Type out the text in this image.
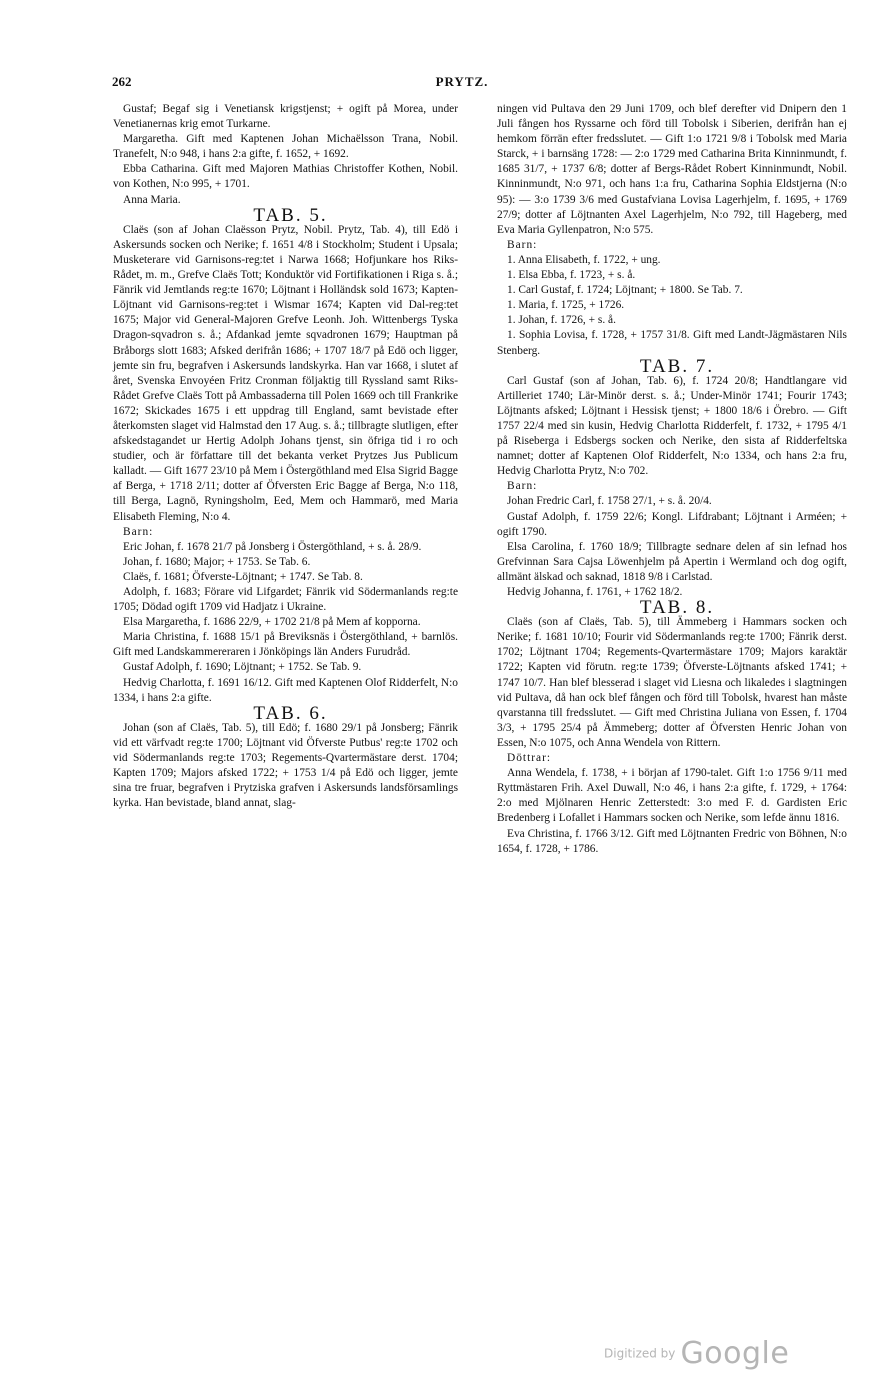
262	PRYTZ.

Gustaf; Begaf sig i Venetiansk krigstjenst; + ogift på Morea, under Venetianernas krig emot Turkarne.

Margaretha. Gift med Kaptenen Johan Michaëlsson Trana, Nobil. Tranefelt, N:o 948, i hans 2:a gifte, f. 1652, + 1692.

Ebba Catharina. Gift med Majoren Mathias Christoffer Kothen, Nobil. von Kothen, N:o 995, + 1701.

Anna Maria.

TAB. 5.

Claës (son af Johan Claësson Prytz, Nobil. Prytz, Tab. 4), till Edö i Askersunds socken och Nerike; f. 1651 4/8 i Stockholm; Student i Upsala; Musketerare vid Garnisons-reg:tet i Narwa 1668; Hofjunkare hos Riks-Rådet, m. m., Grefve Claës Tott; Konduktör vid Fortifikationen i Riga s. å.; Fänrik vid Jemtlands reg:te 1670; Löjtnant i Holländsk sold 1673; Kapten-Löjtnant vid Garnisons-reg:tet i Wismar 1674; Kapten vid Dal-reg:tet 1675; Major vid General-Majoren Grefve Leonh. Joh. Wittenbergs Tyska Dragon-sqvadron s. å.; Afdankad jemte sqvadronen 1679; Hauptman på Bråborgs slott 1683; Afsked derifrån 1686; + 1707 18/7 på Edö och ligger, jemte sin fru, begrafven i Askersunds landskyrka. Han var 1668, i slutet af året, Svenska Envoyéen Fritz Cronman följaktig till Ryssland samt Riks-Rådet Grefve Claës Tott på Ambassaderna till Polen 1669 och till Frankrike 1672; Skickades 1675 i ett uppdrag till England, samt bevistade efter återkomsten slaget vid Halmstad den 17 Aug. s. å.; tillbragte slutligen, efter afskedstagandet ur Hertig Adolph Johans tjenst, sin öfriga tid i ro och studier, och är författare till det bekanta verket Prytzes Jus Publicum kalladt. — Gift 1677 23/10 på Mem i Östergöthland med Elsa Sigrid Bagge af Berga, + 1718 2/11; dotter af Öfversten Eric Bagge af Berga, N:o 118, till Berga, Lagnö, Ryningsholm, Eed, Mem och Hammarö, med Maria Elisabeth Fleming, N:o 4.

Barn:

Eric Johan, f. 1678 21/7 på Jonsberg i Östergöthland, + s. å. 28/9.
Johan, f. 1680; Major; + 1753. Se Tab. 6.
Claës, f. 1681; Öfverste-Löjtnant; + 1747. Se Tab. 8.
Adolph, f. 1683; Förare vid Lifgardet; Fänrik vid Södermanlands reg:te 1705; Dödad ogift 1709 vid Hadjatz i Ukraine.
Elsa Margaretha, f. 1686 22/9, + 1702 21/8 på Mem af kopporna.
Maria Christina, f. 1688 15/1 på Breviksnäs i Östergöthland, + barnlös. Gift med Landskammereraren i Jönköpings län Anders Furudråd.
Gustaf Adolph, f. 1690; Löjtnant; + 1752. Se Tab. 9.
Hedvig Charlotta, f. 1691 16/12. Gift med Kaptenen Olof Ridderfelt, N:o 1334, i hans 2:a gifte.

TAB. 6.

Johan (son af Claës, Tab. 5), till Edö; f. 1680 29/1 på Jonsberg; Fänrik vid ett värfvadt reg:te 1700; Löjtnant vid Öfverste Putbus' reg:te 1702 och vid Södermanlands reg:te 1703; Regements-Qvartermästare derst. 1704; Kapten 1709; Majors afsked 1722; + 1753 1/4 på Edö och ligger, jemte sina tre fruar, begrafven i Prytziska grafven i Askersunds landsförsamlings kyrka. Han bevistade, bland annat, slag-

ningen vid Pultava den 29 Juni 1709, och blef derefter vid Dnipern den 1 Juli fången hos Ryssarne och förd till Tobolsk i Siberien, derifrån han ej hemkom förrän efter fredsslutet. — Gift 1:o 1721 9/8 i Tobolsk med Maria Starck, + i barnsäng 1728: — 2:o 1729 med Catharina Brita Kinninmundt, f. 1685 31/7, + 1737 6/8; dotter af Bergs-Rådet Robert Kinninmundt, Nobil. Kinninmundt, N:o 971, och hans 1:a fru, Catharina Sophia Eldstjerna (N:o 95): — 3:o 1739 3/6 med Gustafviana Lovisa Lagerhjelm, f. 1695, + 1769 27/9; dotter af Löjtnanten Axel Lagerhjelm, N:o 792, till Hageberg, med Eva Maria Gyllenpatron, N:o 575.

Barn:

1. Anna Elisabeth, f. 1722, + ung.
1. Elsa Ebba, f. 1723, + s. å.
1. Carl Gustaf, f. 1724; Löjtnant; + 1800. Se Tab. 7.
1. Maria, f. 1725, + 1726.
1. Johan, f. 1726, + s. å.
1. Sophia Lovisa, f. 1728, + 1757 31/8. Gift med Landt-Jägmästaren Nils Stenberg.

TAB. 7.

Carl Gustaf (son af Johan, Tab. 6), f. 1724 20/8; Handtlangare vid Artilleriet 1740; Lär-Minör derst. s. å.; Under-Minör 1741; Fourir 1743; Löjtnants afsked; Löjtnant i Hessisk tjenst; + 1800 18/6 i Örebro. — Gift 1757 22/4 med sin kusin, Hedvig Charlotta Ridderfelt, f. 1732, + 1795 4/1 på Riseberga i Edsbergs socken och Nerike, den sista af Ridderfeltska namnet; dotter af Kaptenen Olof Ridderfelt, N:o 1334, och hans 2:a fru, Hedvig Charlotta Prytz, N:o 702.

Barn:

Johan Fredric Carl, f. 1758 27/1, + s. å. 20/4.
Gustaf Adolph, f. 1759 22/6; Kongl. Lifdrabant; Löjtnant i Arméen; + ogift 1790.
Elsa Carolina, f. 1760 18/9; Tillbragte sednare delen af sin lefnad hos Grefvinnan Sara Cajsa Löwenhjelm på Apertin i Wermland och dog ogift, allmänt älskad och saknad, 1818 9/8 i Carlstad.
Hedvig Johanna, f. 1761, + 1762 18/2.

TAB. 8.

Claës (son af Claës, Tab. 5), till Ämmeberg i Hammars socken och Nerike; f. 1681 10/10; Fourir vid Södermanlands reg:te 1700; Fänrik derst. 1702; Löjtnant 1704; Regements-Qvartermästare 1709; Majors karaktär 1722; Kapten vid förutn. reg:te 1739; Öfverste-Löjtnants afsked 1741; + 1747 10/7. Han blef blesserad i slaget vid Liesna och likaledes i slagtningen vid Pultava, då han ock blef fången och förd till Tobolsk, hvarest han måste qvarstanna till fredsslutet. — Gift med Christina Juliana von Essen, f. 1704 3/3, + 1795 25/4 på Ämmeberg; dotter af Öfversten Henric Johan von Essen, N:o 1075, och Anna Wendela von Rittern.

Döttrar:

Anna Wendela, f. 1738, + i början af 1790-talet. Gift 1:o 1756 9/11 med Ryttmästaren Frih. Axel Duwall, N:o 46, i hans 2:a gifte, f. 1729, + 1764: 2:o med Mjölnaren Henric Zetterstedt: 3:o med F. d. Gardisten Eric Bredenberg i Lofallet i Hammars socken och Nerike, som lefde ännu 1816.
Eva Christina, f. 1766 3/12. Gift med Löjtnanten Fredric von Böhnen, N:o 1654, f. 1728, + 1786.
Digitized by Google
